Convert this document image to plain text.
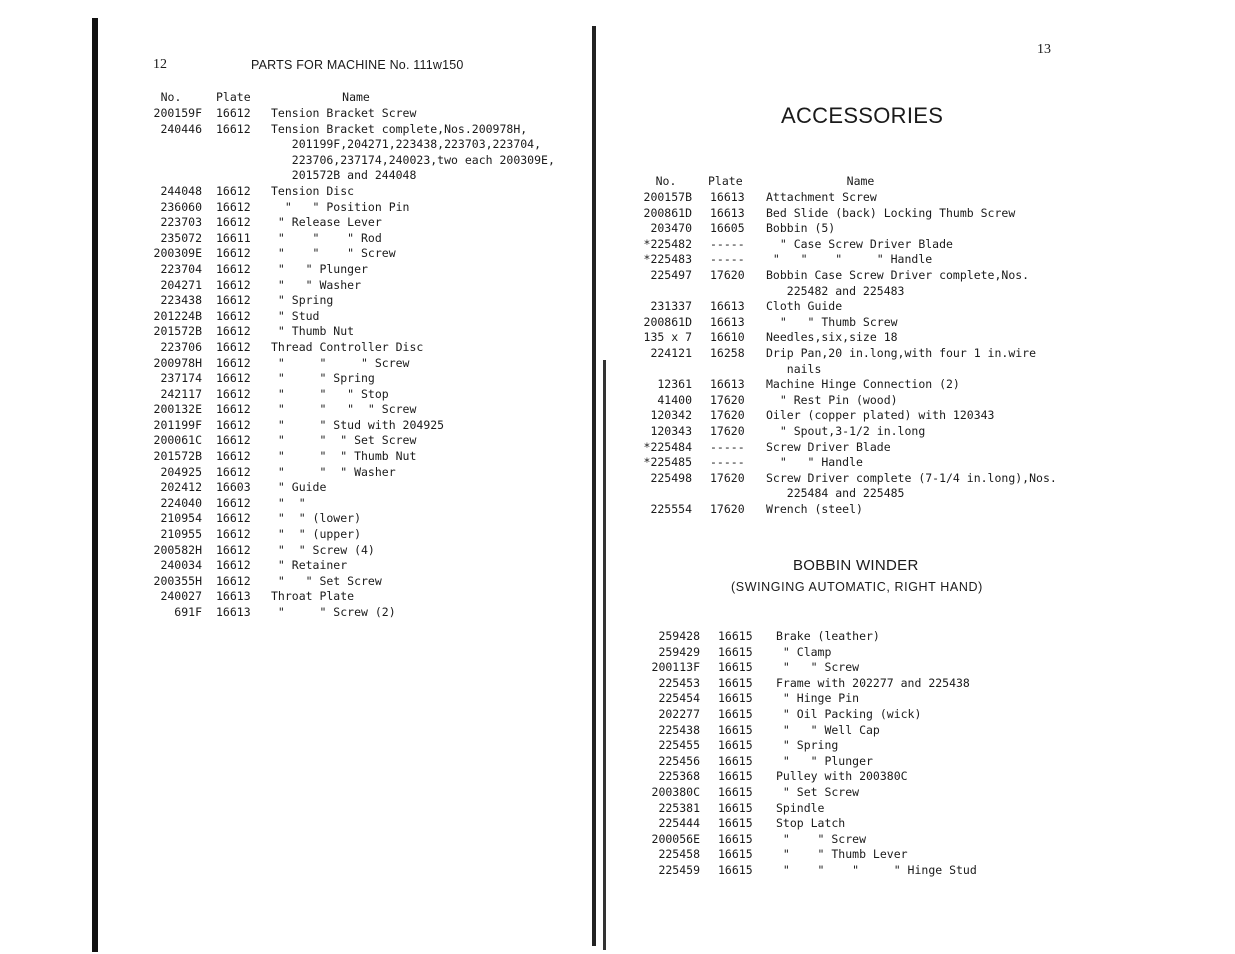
12	PARTS FOR MACHINE No. 111w150
No.	Plate	Name
200159F	16612	Tension Bracket Screw
240446	16612	Tension Bracket complete,Nos.200978H,
201199F,204271,223438,223703,223704,
223706,237174,240023,two each 200309E,
201572B and 244048
244048	16612	Tension Disc
236060	16612	"   " Position Pin
223703	16612	" Release Lever
235072	16611	"    "    " Rod
200309E	16612	"    "    " Screw
223704	16612	"   " Plunger
204271	16612	"   " Washer
223438	16612	" Spring
201224B	16612	" Stud
201572B	16612	" Thumb Nut
223706	16612	Thread Controller Disc
200978H	16612	"     "     " Screw
237174	16612	"     " Spring
242117	16612	"     "   " Stop
200132E	16612	"     "   "  " Screw
201199F	16612	"     " Stud with 204925
200061C	16612	"     "  " Set Screw
201572B	16612	"     "  " Thumb Nut
204925	16612	"     "  " Washer
202412	16603	" Guide
224040	16612	"  "
210954	16612	"  " (lower)
210955	16612	"  " (upper)
200582H	16612	"  " Screw (4)
240034	16612	" Retainer
200355H	16612	"   " Set Screw
240027	16613	Throat Plate
691F	16613	"     " Screw (2)
13
ACCESSORIES
No.	Plate	Name
200157B	16613	Attachment Screw
200861D	16613	Bed Slide (back) Locking Thumb Screw
203470	16605	Bobbin (5)
*225482	-----	" Case Screw Driver Blade
*225483	-----	"   "    "     " Handle
225497	17620	Bobbin Case Screw Driver complete,Nos.
225482 and 225483
231337	16613	Cloth Guide
200861D	16613	"   " Thumb Screw
135 x 7	16610	Needles,six,size 18
224121	16258	Drip Pan,20 in.long,with four 1 in.wire
nails
12361	16613	Machine Hinge Connection (2)
41400	17620	" Rest Pin (wood)
120342	17620	Oiler (copper plated) with 120343
120343	17620	" Spout,3-1/2 in.long
*225484	-----	Screw Driver Blade
*225485	-----	"   " Handle
225498	17620	Screw Driver complete (7-1/4 in.long),Nos.
225484 and 225485
225554	17620	Wrench (steel)
BOBBIN WINDER
(SWINGING AUTOMATIC, RIGHT HAND)
259428	16615	Brake (leather)
259429	16615	" Clamp
200113F	16615	"   " Screw
225453	16615	Frame with 202277 and 225438
225454	16615	" Hinge Pin
202277	16615	" Oil Packing (wick)
225438	16615	"   " Well Cap
225455	16615	" Spring
225456	16615	"   " Plunger
225368	16615	Pulley with 200380C
200380C	16615	" Set Screw
225381	16615	Spindle
225444	16615	Stop Latch
200056E	16615	"    " Screw
225458	16615	"    " Thumb Lever
225459	16615	"    "    "     " Hinge Stud
